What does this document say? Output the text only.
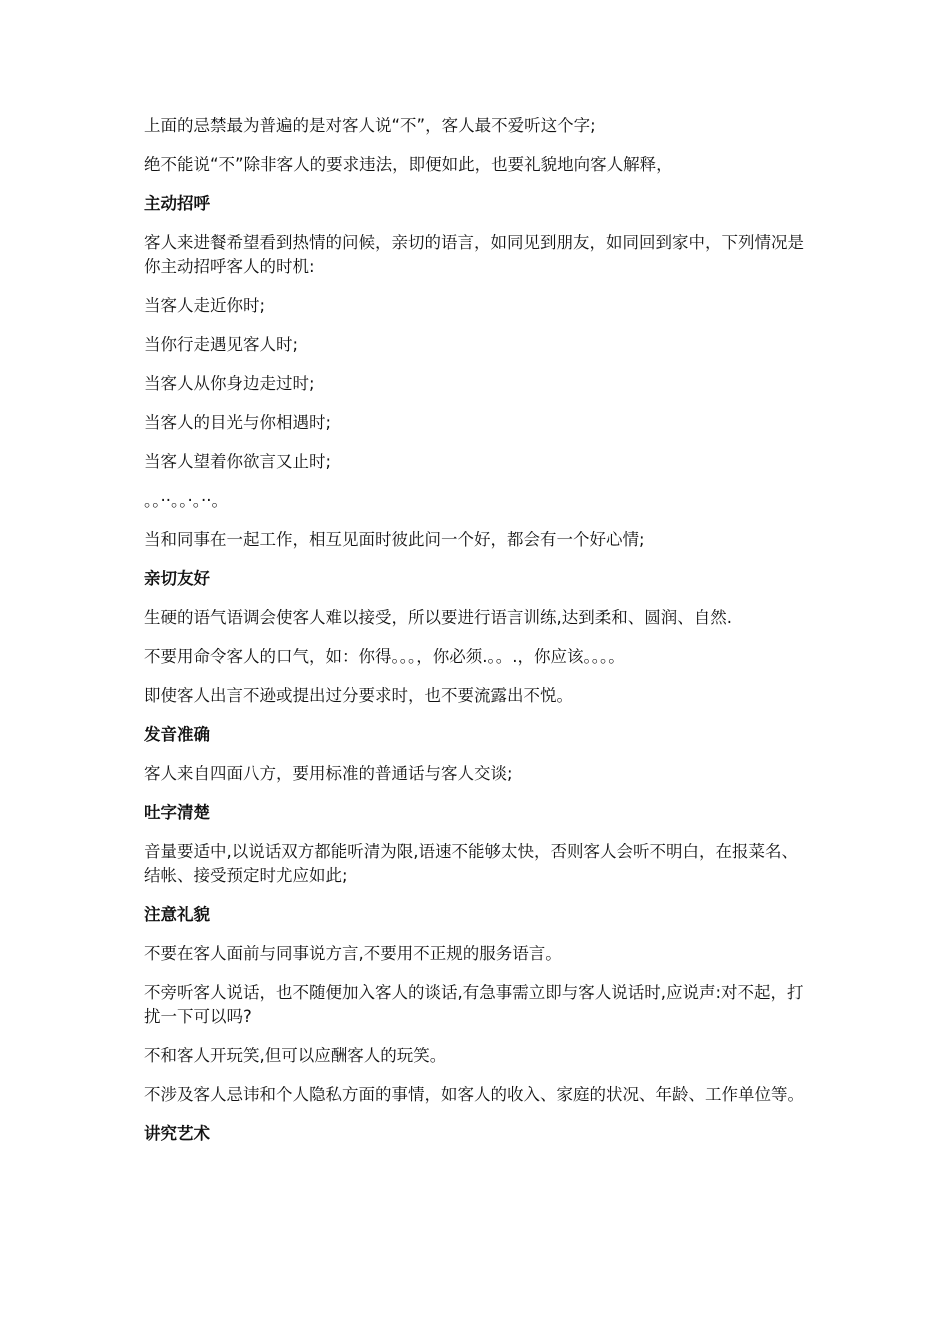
上面的忌禁最为普遍的是对客人说“不”，客人最不爱听这个字;

绝不能说“不”除非客人的要求违法，即便如此，也要礼貌地向客人解释，

主动招呼

客人来进餐希望看到热情的问候，亲切的语言，如同见到朋友，如同回到家中，下列情况是你主动招呼客人的时机:

当客人走近你时;

当你行走遇见客人时;

当客人从你身边走过时;

当客人的目光与你相遇时;

当客人望着你欲言又止时;

。。··。。·。··。

当和同事在一起工作，相互见面时彼此问一个好，都会有一个好心情;

亲切友好

生硬的语气语调会使客人难以接受，所以要进行语言训练,达到柔和、圆润、自然.

不要用命令客人的口气，如：你得。。。，你必须.。。.，你应该。。。。

即使客人出言不逊或提出过分要求时，也不要流露出不悦。

发音准确

客人来自四面八方，要用标准的普通话与客人交谈;

吐字清楚

音量要适中,以说话双方都能听清为限,语速不能够太快，否则客人会听不明白，在报菜名、结帐、接受预定时尤应如此;

注意礼貌

不要在客人面前与同事说方言,不要用不正规的服务语言。

不旁听客人说话，也不随便加入客人的谈话,有急事需立即与客人说话时,应说声:对不起，打扰一下可以吗?

不和客人开玩笑,但可以应酬客人的玩笑。

不涉及客人忌讳和个人隐私方面的事情，如客人的收入、家庭的状况、年龄、工作单位等。

讲究艺术
